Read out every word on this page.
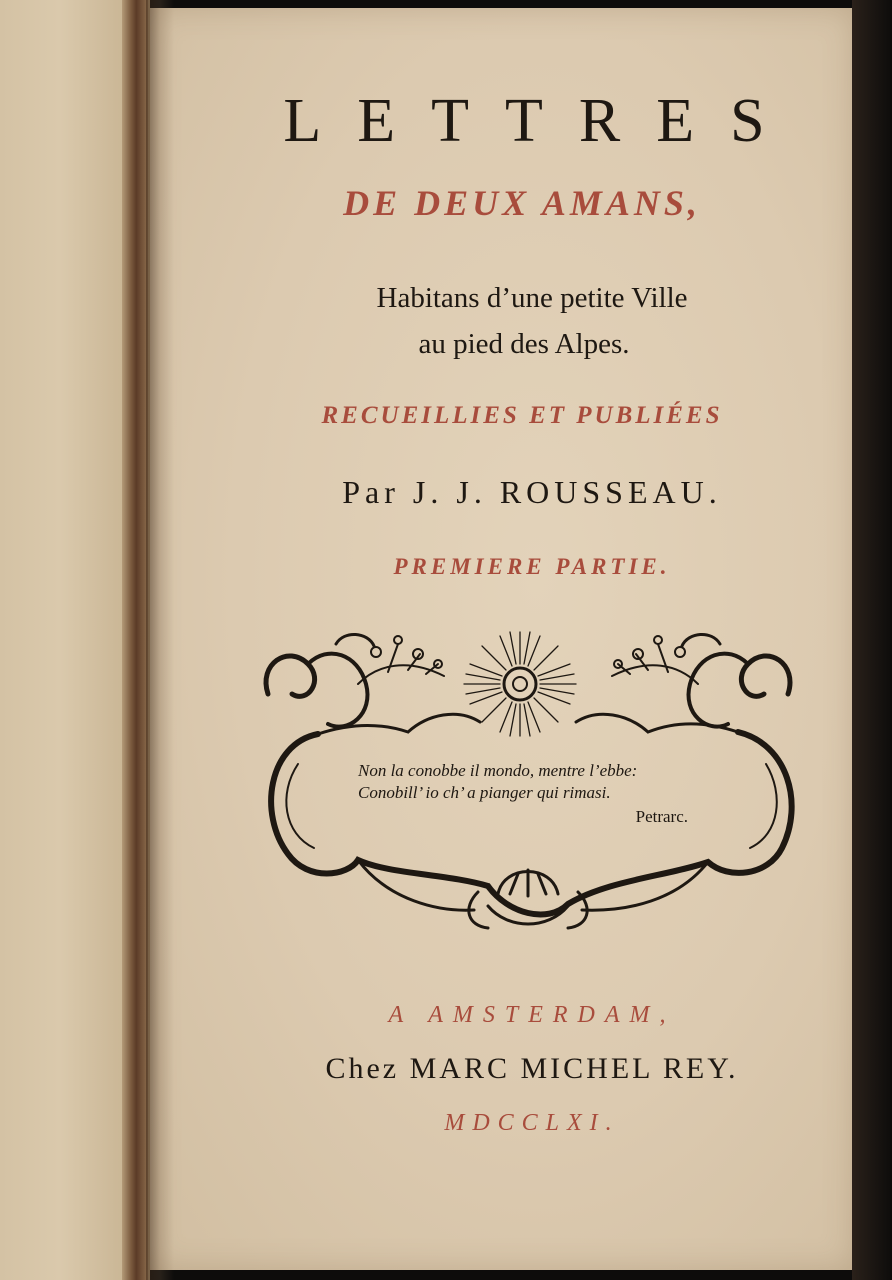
LETTRES
DE DEUX AMANS,
Habitans d’une petite Ville
au pied des Alpes.
RECUEILLIES ET PUBLIÉES
Par J. J. ROUSSEAU.
PREMIERE PARTIE.
Non la conobbe il mondo, mentre l’ebbe:
Conobill’ io ch’ a pianger qui rimasi.
Petrarc.
A AMSTERDAM,
Chez MARC MICHEL REY.
MDCCLXI.
